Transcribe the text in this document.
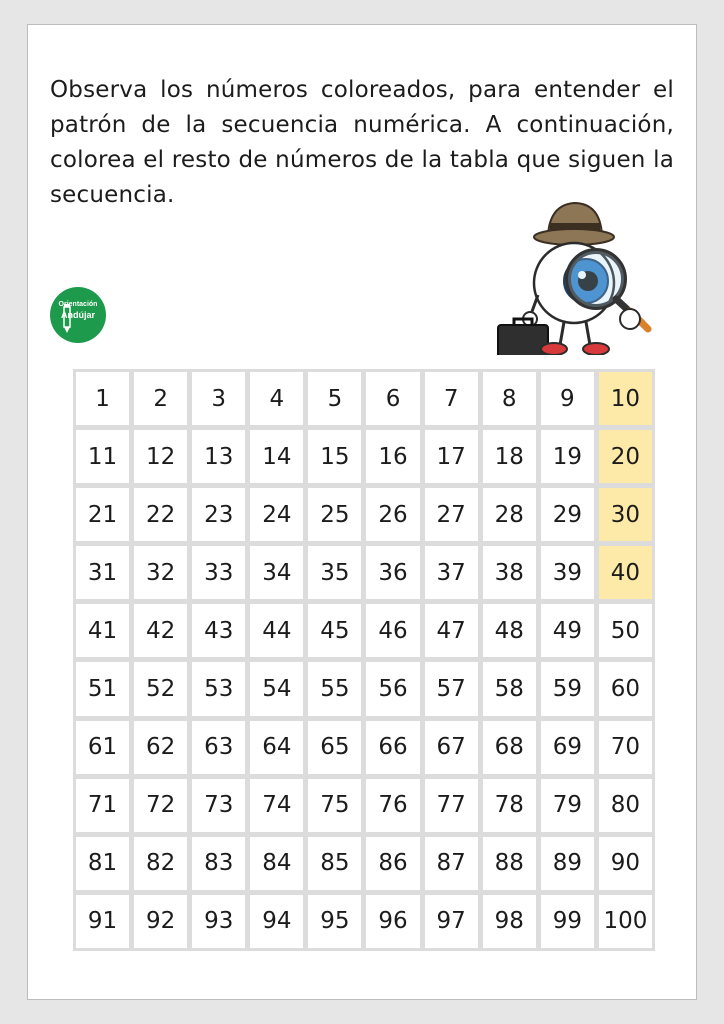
Observa los números coloreados, para entender el patrón de la secuencia numérica. A continuación, colorea el resto de números de la tabla que siguen la secuencia.
Orientación
Andújar
1	2	3	4	5	6	7	8	9	10
11	12	13	14	15	16	17	18	19	20
21	22	23	24	25	26	27	28	29	30
31	32	33	34	35	36	37	38	39	40
41	42	43	44	45	46	47	48	49	50
51	52	53	54	55	56	57	58	59	60
61	62	63	64	65	66	67	68	69	70
71	72	73	74	75	76	77	78	79	80
81	82	83	84	85	86	87	88	89	90
91	92	93	94	95	96	97	98	99 100
